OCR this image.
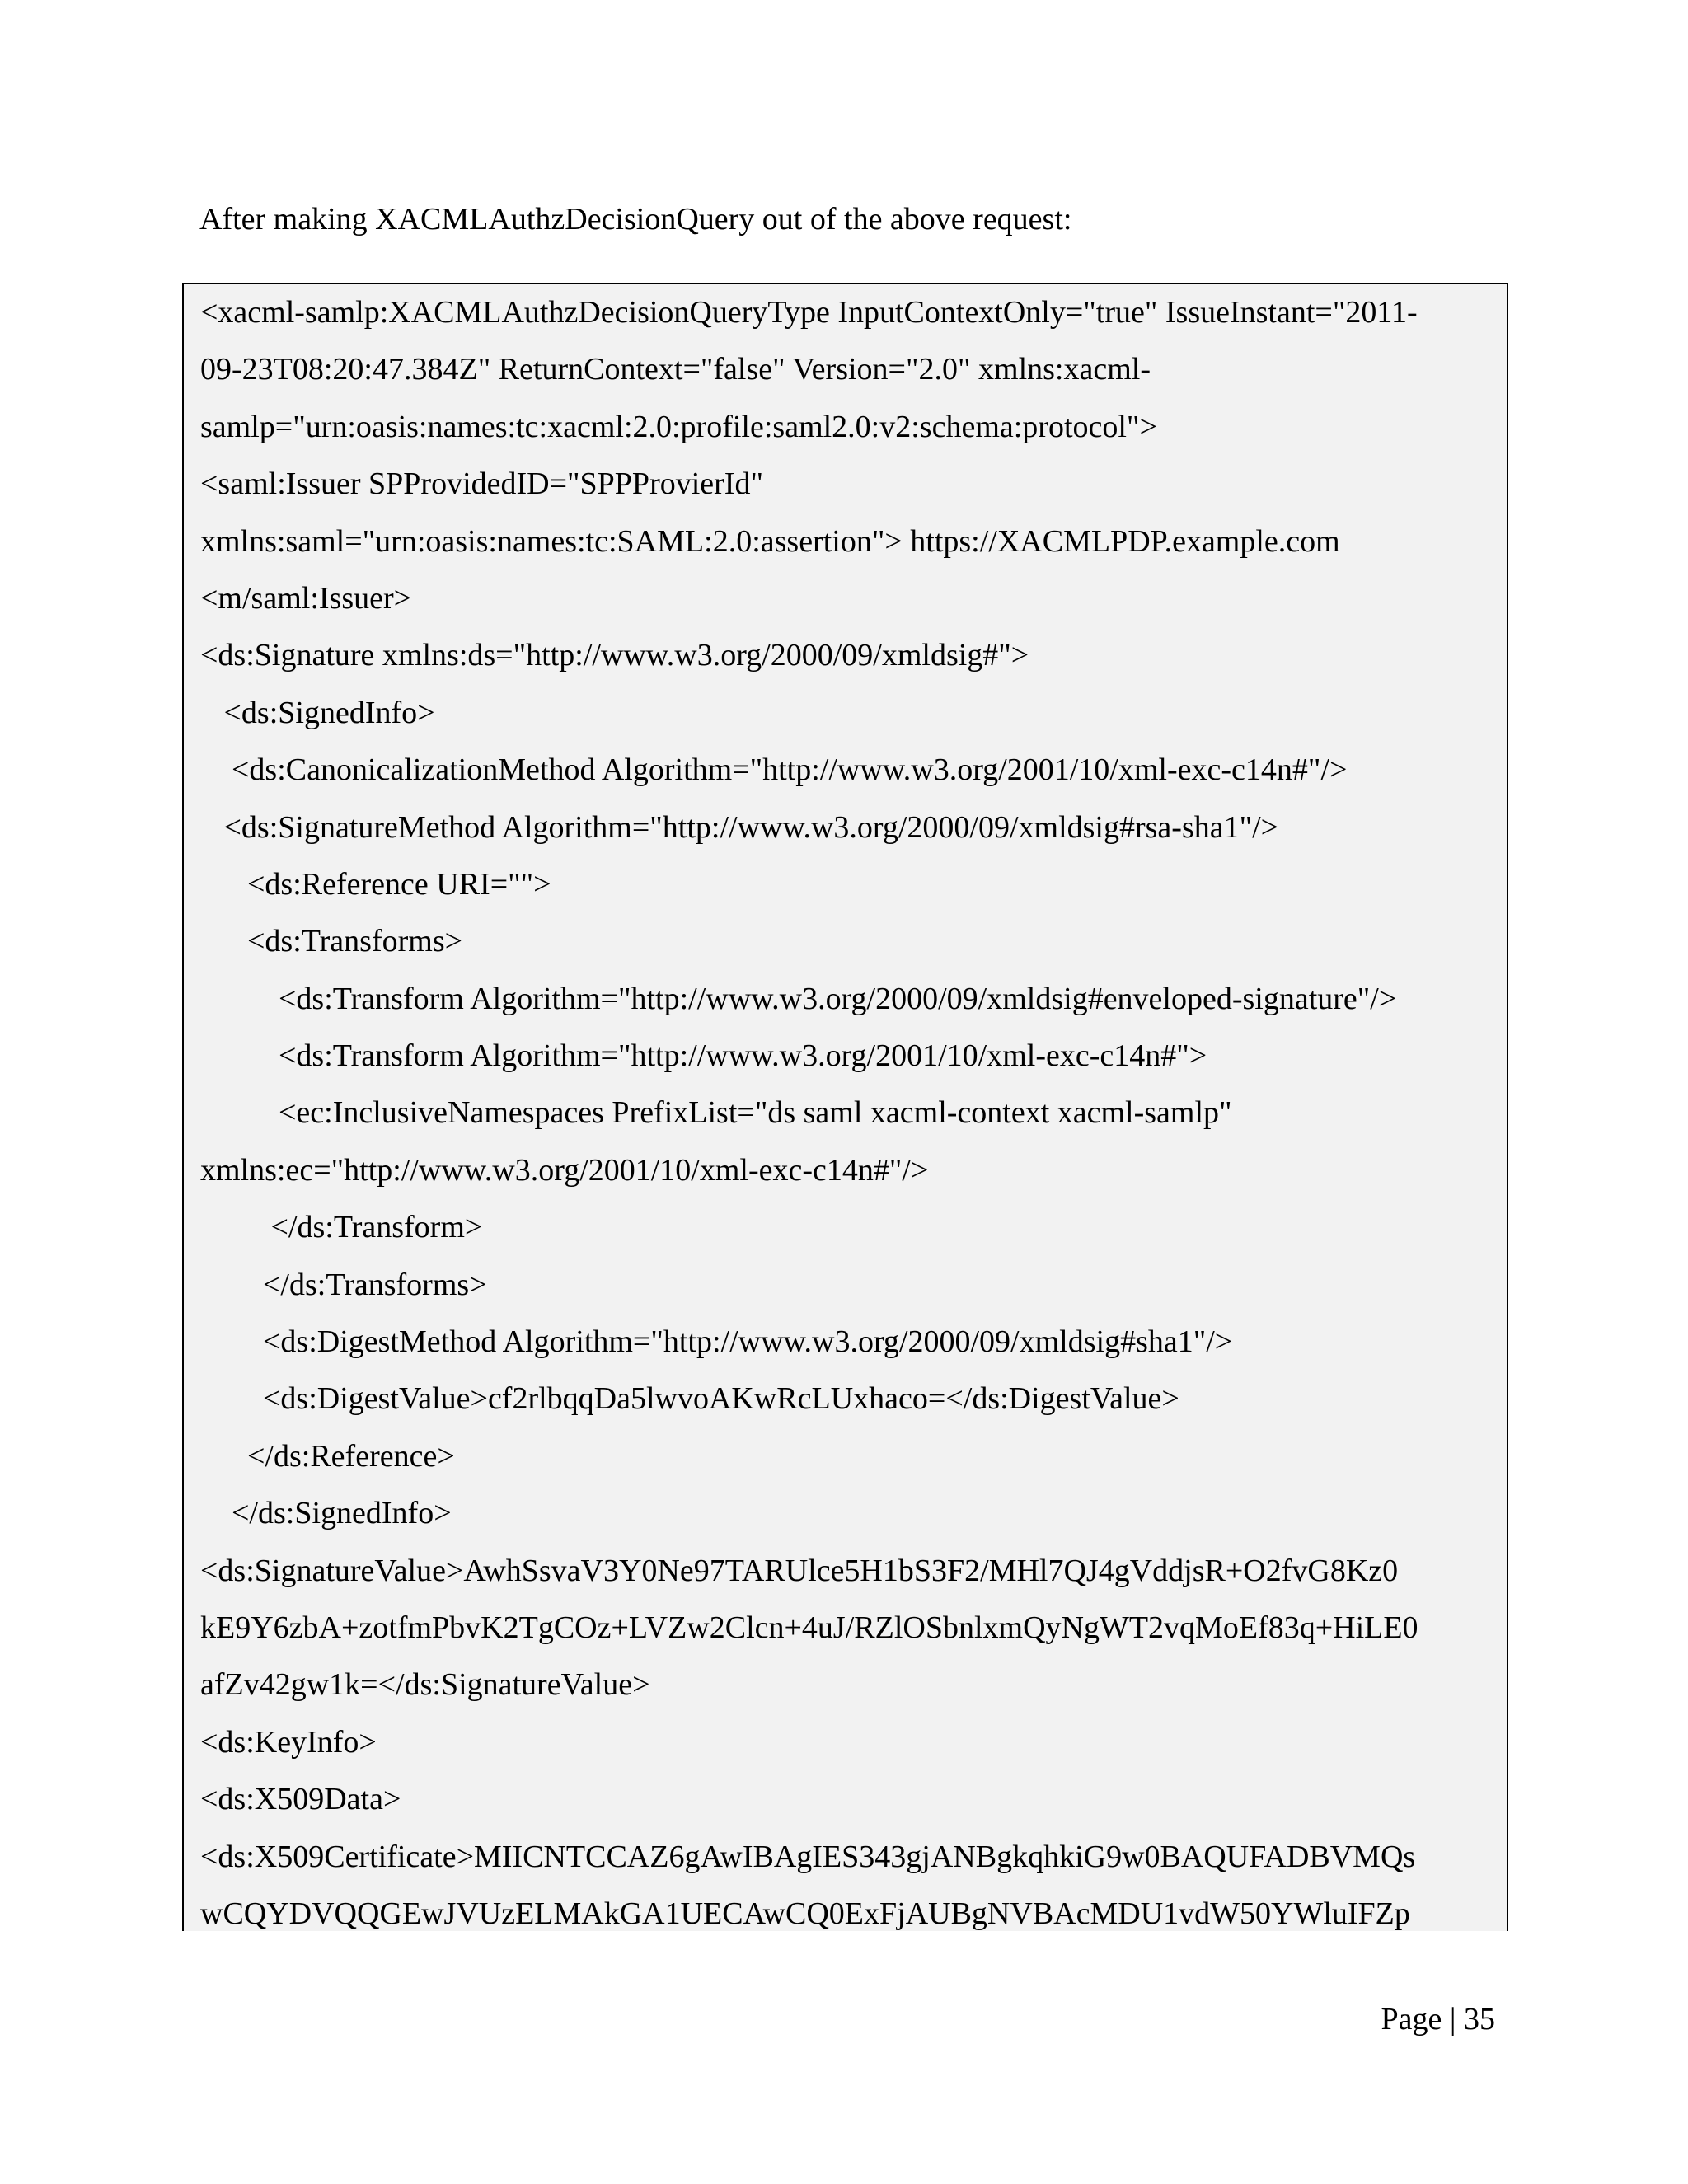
After making XACMLAuthzDecisionQuery out of the above request:

<xacml-samlp:XACMLAuthzDecisionQueryType InputContextOnly="true" IssueInstant="2011-
09-23T08:20:47.384Z" ReturnContext="false" Version="2.0" xmlns:xacml-
samlp="urn:oasis:names:tc:xacml:2.0:profile:saml2.0:v2:schema:protocol">
<saml:Issuer SPProvidedID="SPPProvierId"
xmlns:saml="urn:oasis:names:tc:SAML:2.0:assertion"> https://XACMLPDP.example.com
<m/saml:Issuer>
<ds:Signature xmlns:ds="http://www.w3.org/2000/09/xmldsig#">
<ds:SignedInfo>
<ds:CanonicalizationMethod Algorithm="http://www.w3.org/2001/10/xml-exc-c14n#"/>
<ds:SignatureMethod Algorithm="http://www.w3.org/2000/09/xmldsig#rsa-sha1"/>
<ds:Reference URI="">
<ds:Transforms>
<ds:Transform Algorithm="http://www.w3.org/2000/09/xmldsig#enveloped-signature"/>
<ds:Transform Algorithm="http://www.w3.org/2001/10/xml-exc-c14n#">
<ec:InclusiveNamespaces PrefixList="ds saml xacml-context xacml-samlp"
xmlns:ec="http://www.w3.org/2001/10/xml-exc-c14n#"/>
</ds:Transform>
</ds:Transforms>
<ds:DigestMethod Algorithm="http://www.w3.org/2000/09/xmldsig#sha1"/>
<ds:DigestValue>cf2rlbqqDa5lwvoAKwRcLUxhaco=</ds:DigestValue>
</ds:Reference>
</ds:SignedInfo>
<ds:SignatureValue>AwhSsvaV3Y0Ne97TARUlce5H1bS3F2/MHl7QJ4gVddjsR+O2fvG8Kz0
kE9Y6zbA+zotfmPbvK2TgCOz+LVZw2Clcn+4uJ/RZlOSbnlxmQyNgWT2vqMoEf83q+HiLE0
afZv42gw1k=</ds:SignatureValue>
<ds:KeyInfo>
<ds:X509Data>
<ds:X509Certificate>MIICNTCCAZ6gAwIBAgIES343gjANBgkqhkiG9w0BAQUFADBVMQs
wCQYDVQQGEwJVUzELMAkGA1UECAwCQ0ExFjAUBgNVBAcMDU1vdW50YWluIFZp
Page | 35
